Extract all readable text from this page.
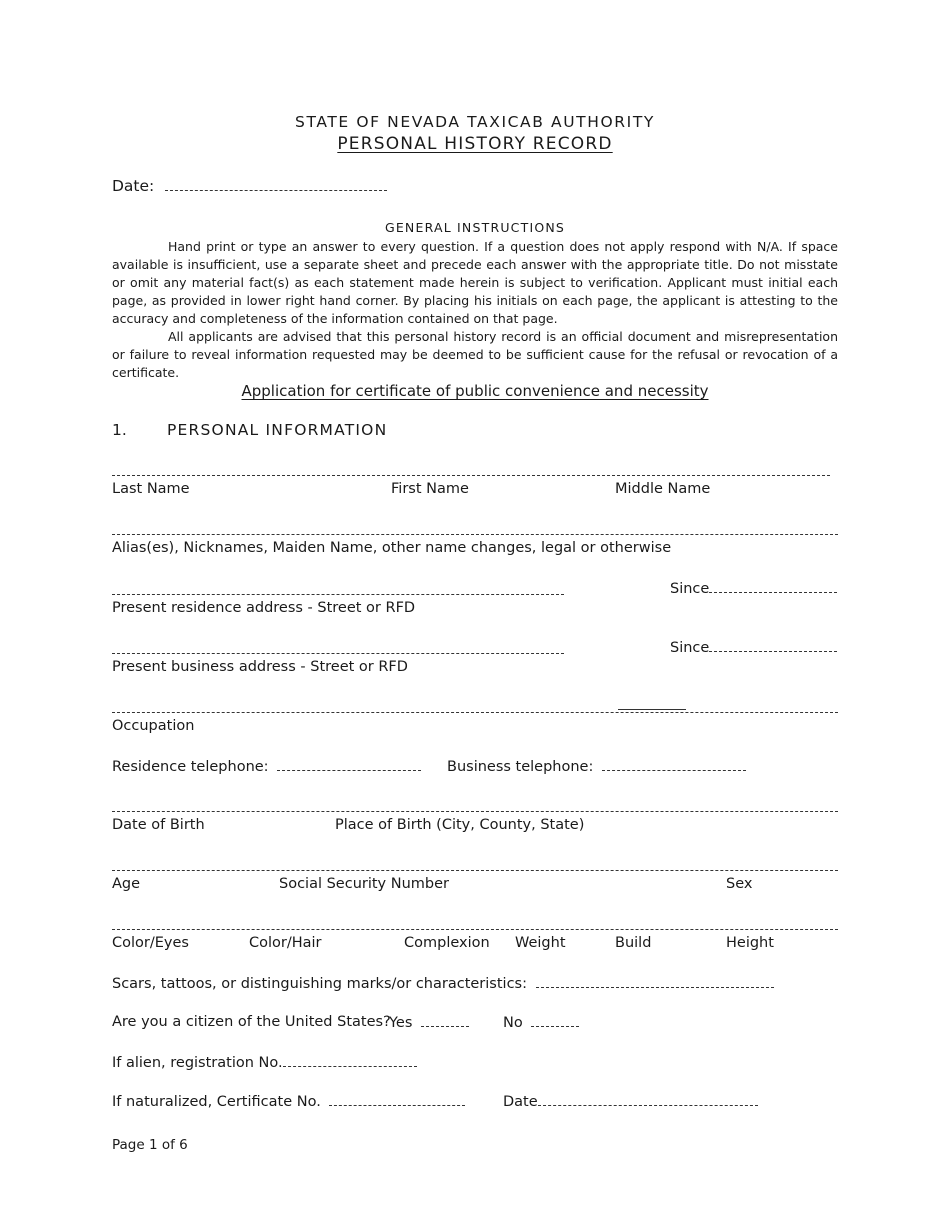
STATE OF NEVADA TAXICAB AUTHORITY
PERSONAL HISTORY RECORD
Date:
GENERAL INSTRUCTIONS
Hand print or type an answer to every question. If a question does not apply respond with N/A. If space available is insufficient, use a separate sheet and precede each answer with the appropriate title. Do not misstate or omit any material fact(s) as each statement made herein is subject to verification. Applicant must initial each page, as provided in lower right hand corner. By placing his initials on each page, the applicant is attesting to the accuracy and completeness of the information contained on that page.
All applicants are advised that this personal history record is an official document and misrepresentation or failure to reveal information requested may be deemed to be sufficient cause for the refusal or revocation of a certificate.
Application for certificate of public convenience and necessity
1.	PERSONAL INFORMATION
Last Name	First Name	Middle Name
Alias(es), Nicknames, Maiden Name, other name changes, legal or otherwise
Since
Present residence address - Street or RFD
Since
Present business address - Street or RFD
Occupation
Residence telephone:	Business telephone:
Date of Birth	Place of Birth (City, County, State)
Age	Social Security Number	Sex
Color/Eyes	Color/Hair	Complexion Weight	Build	Height
Scars, tattoos, or distinguishing marks/or characteristics:
Are you a citizen of the United States?
Yes	No
If alien, registration No.
If naturalized, Certificate No.	Date
Page 1 of 6
